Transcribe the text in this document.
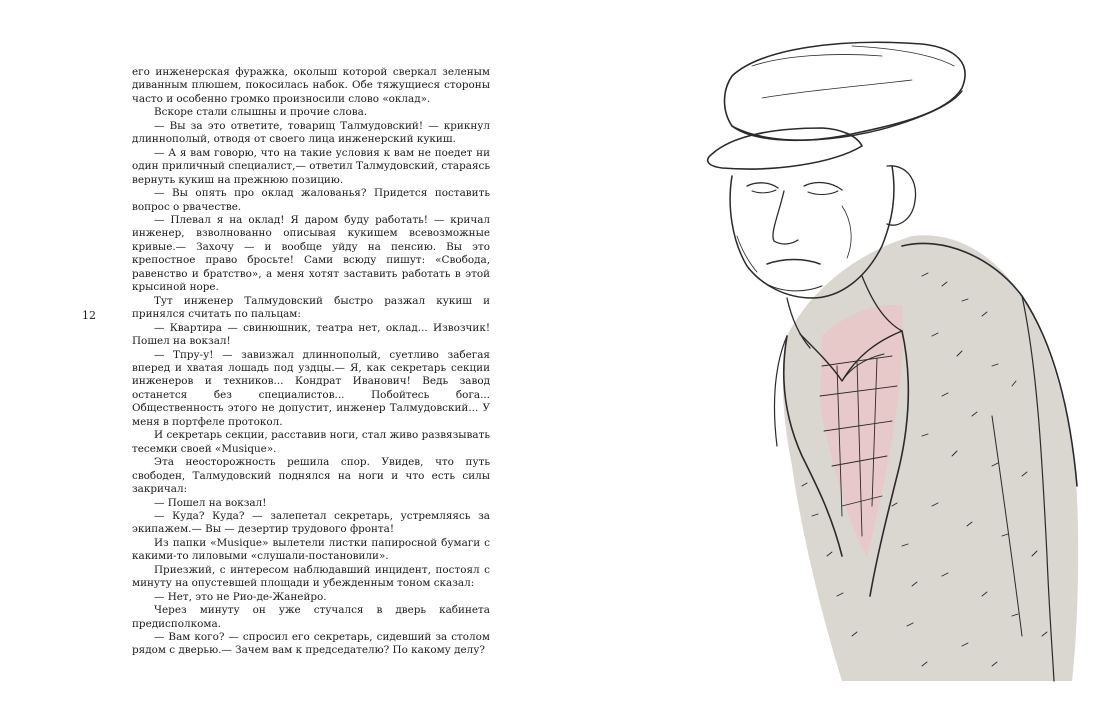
12

его инженерская фуражка, околыш которой сверкал зеленым диванным плюшем, покосилась набок. Обе тяжущиеся стороны часто и особенно громко произносили слово «оклад».

Вскоре стали слышны и прочие слова.

— Вы за это ответите, товарищ Талмудовский! — крикнул длиннополый, отводя от своего лица инженерский кукиш.

— А я вам говорю, что на такие условия к вам не поедет ни один приличный специалист,— ответил Талмудовский, стараясь вернуть кукиш на прежнюю позицию.

— Вы опять про оклад жалованья? Придется поставить вопрос о рвачестве.

— Плевал я на оклад! Я даром буду работать! — кричал инженер, взволнованно описывая кукишем всевозможные кривые.— Захочу — и вообще уйду на пенсию. Вы это крепостное право бросьте! Сами всюду пишут: «Свобода, равенство и братство», а меня хотят заставить работать в этой крысиной норе.

Тут инженер Талмудовский быстро разжал кукиш и принялся считать по пальцам:

— Квартира — свинюшник, театра нет, оклад... Извозчик! Пошел на вокзал!

— Тпру-у! — завизжал длиннополый, суетливо забегая вперед и хватая лошадь под уздцы.— Я, как секретарь секции инженеров и техников... Кондрат Иванович! Ведь завод останется без специалистов... Побойтесь бога... Общественность этого не допустит, инженер Талмудовский... У меня в портфеле протокол.

И секретарь секции, расставив ноги, стал живо развязывать тесемки своей «Musique».

Эта неосторожность решила спор. Увидев, что путь свободен, Талмудовский поднялся на ноги и что есть силы закричал:

— Пошел на вокзал!

— Куда? Куда? — залепетал секретарь, устремляясь за экипажем.— Вы — дезертир трудового фронта!

Из папки «Musique» вылетели листки папиросной бумаги с какими-то лиловыми «слушали-постановили».

Приезжий, с интересом наблюдавший инцидент, постоял с минуту на опустевшей площади и убежденным тоном сказал:

— Нет, это не Рио-де-Жанейро.

Через минуту он уже стучался в дверь кабинета предисполкома.

— Вам кого? — спросил его секретарь, сидевший за столом рядом с дверью.— Зачем вам к председателю? По какому делу?
